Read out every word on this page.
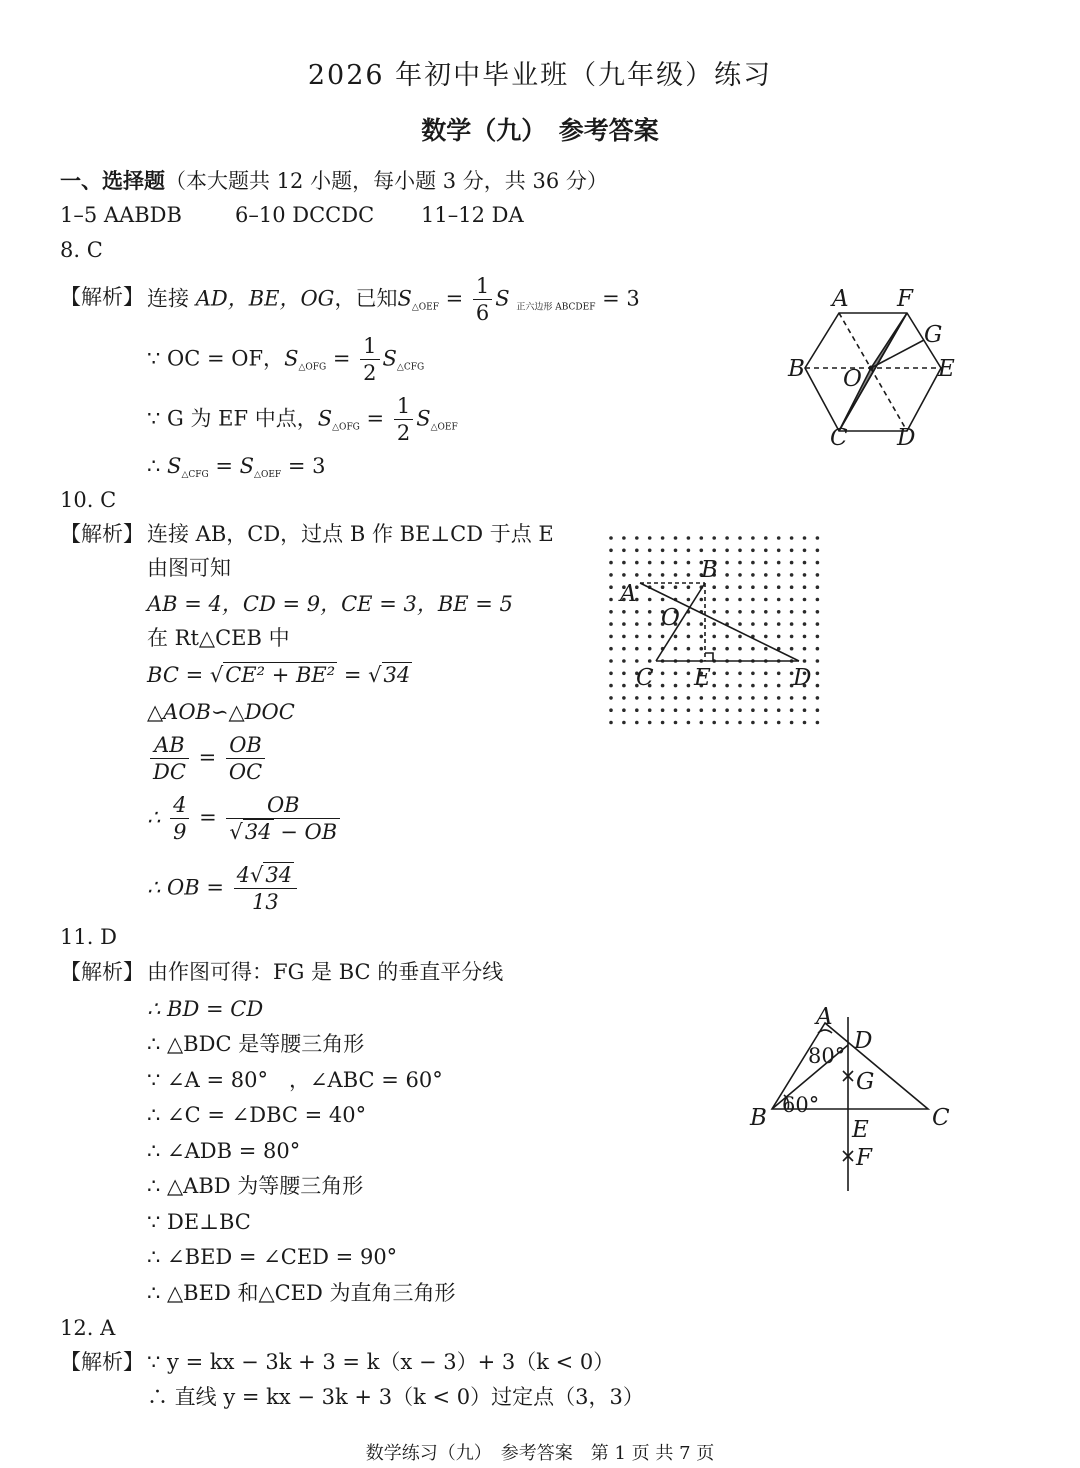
2026 年初中毕业班（九年级）练习
数学（九）　参考答案
一、选择题（本大题共 12 小题，每小题 3 分，共 36 分）
1–5 AABDB	6–10 DCCDC 11–12 DA
8. C
【解析】 连接 AD，BE，OG，已知S△OEF = $\frac{1}{6}$ S 正六边形 ABCDEF = 3
∵ OC = OF，S△OFG = $\frac{1}{2}$ S△CFG
∵ G 为 EF 中点，S△OFG = $\frac{1}{2}$ S△OEF
∴ S△CFG = S△OEF = 3
A F
G
B O	E
C D
10. C
【解析】 连接 AB，CD，过点 B 作 BE⊥CD 于点 E
由图可知
AB = 4，CD = 9，CE = 3，BE = 5
在 Rt△CEB 中
BC = √CE² + BE² = √34
△AOB∽△DOC
$\frac{AB}{DC} = \frac{OB}{OC}$
∴ $\frac{4}{9} = \frac{OB}{√34 - OB}$
∴ OB = $\frac{4√34}{13}$
A
B
O
C E	D
11. D
【解析】 由作图可得：FG 是 BC 的垂直平分线
∴ BD = CD
∴ △BDC 是等腰三角形
∵ ∠A = 80°　，∠ABC = 60°
∴ ∠C = ∠DBC = 40°
∴ ∠ADB = 80°
∴ △ABD 为等腰三角形
∵ DE⊥BC
∴ ∠BED = ∠CED = 90°
∴ △BED 和△CED 为直角三角形
A
D
G
B	C
E
F
80°
60°
12. A
【解析】 ∵ y = kx − 3k + 3 = k（x − 3）+ 3（k < 0）
∴ 直线 y = kx − 3k + 3（k < 0）过定点（3，3）
数学练习（九）　参考答案　第 1 页 共 7 页
